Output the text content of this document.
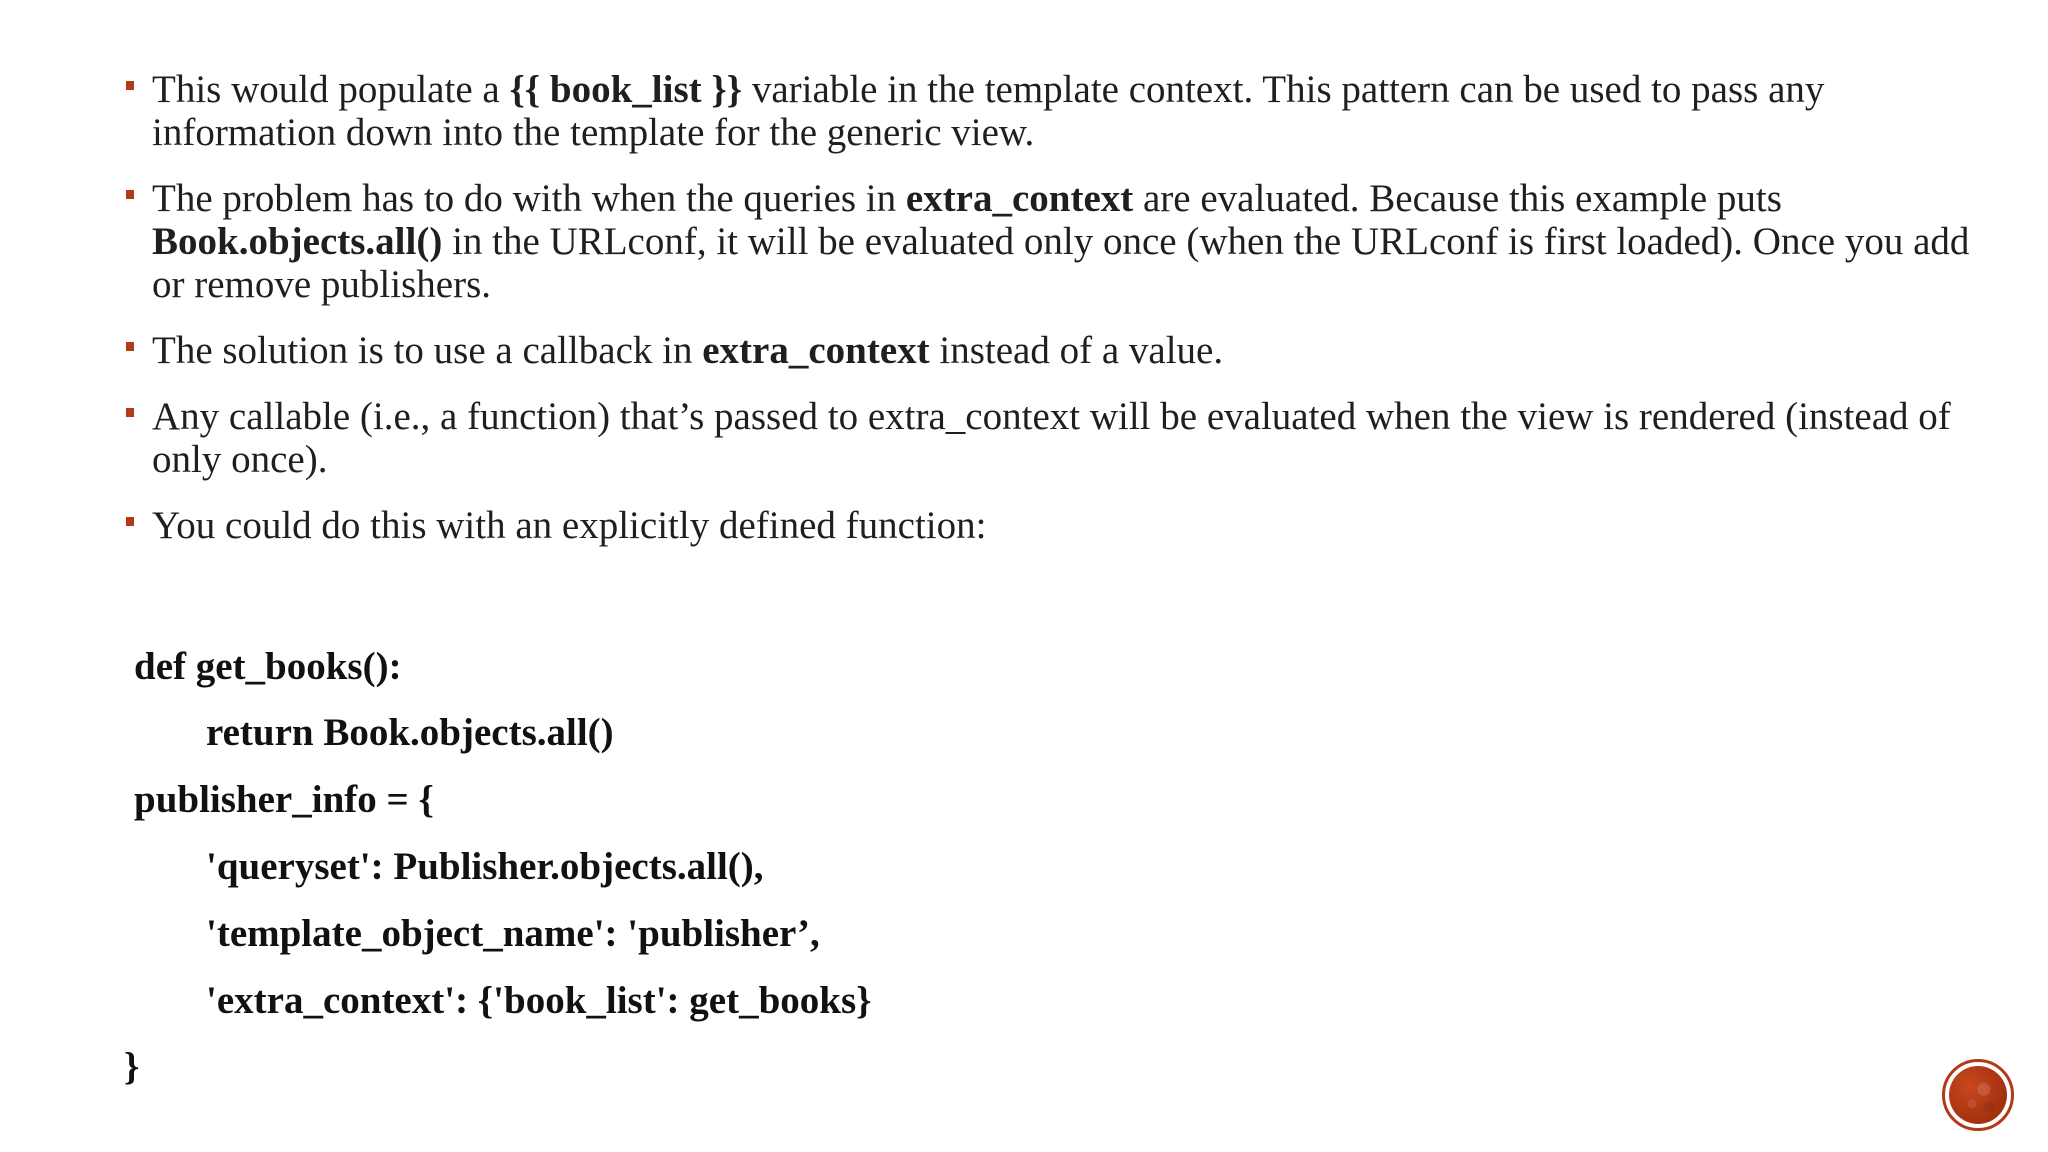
This would populate a {{ book_list }} variable in the template context. This pattern can be used to pass any information down into the template for the generic view.
The problem has to do with when the queries in extra_context are evaluated. Because this example puts Book.objects.all() in the URLconf, it will be evaluated only once (when the URLconf is first loaded). Once you add or remove publishers.
The solution is to use a callback in extra_context instead of a value.
Any callable (i.e., a function) that’s passed to extra_context will be evaluated when the view is rendered (instead of only once).
You could do this with an explicitly defined function:
def get_books():
return Book.objects.all()
publisher_info = {
'queryset': Publisher.objects.all(),
'template_object_name': 'publisher’,
'extra_context': {'book_list': get_books}
}
